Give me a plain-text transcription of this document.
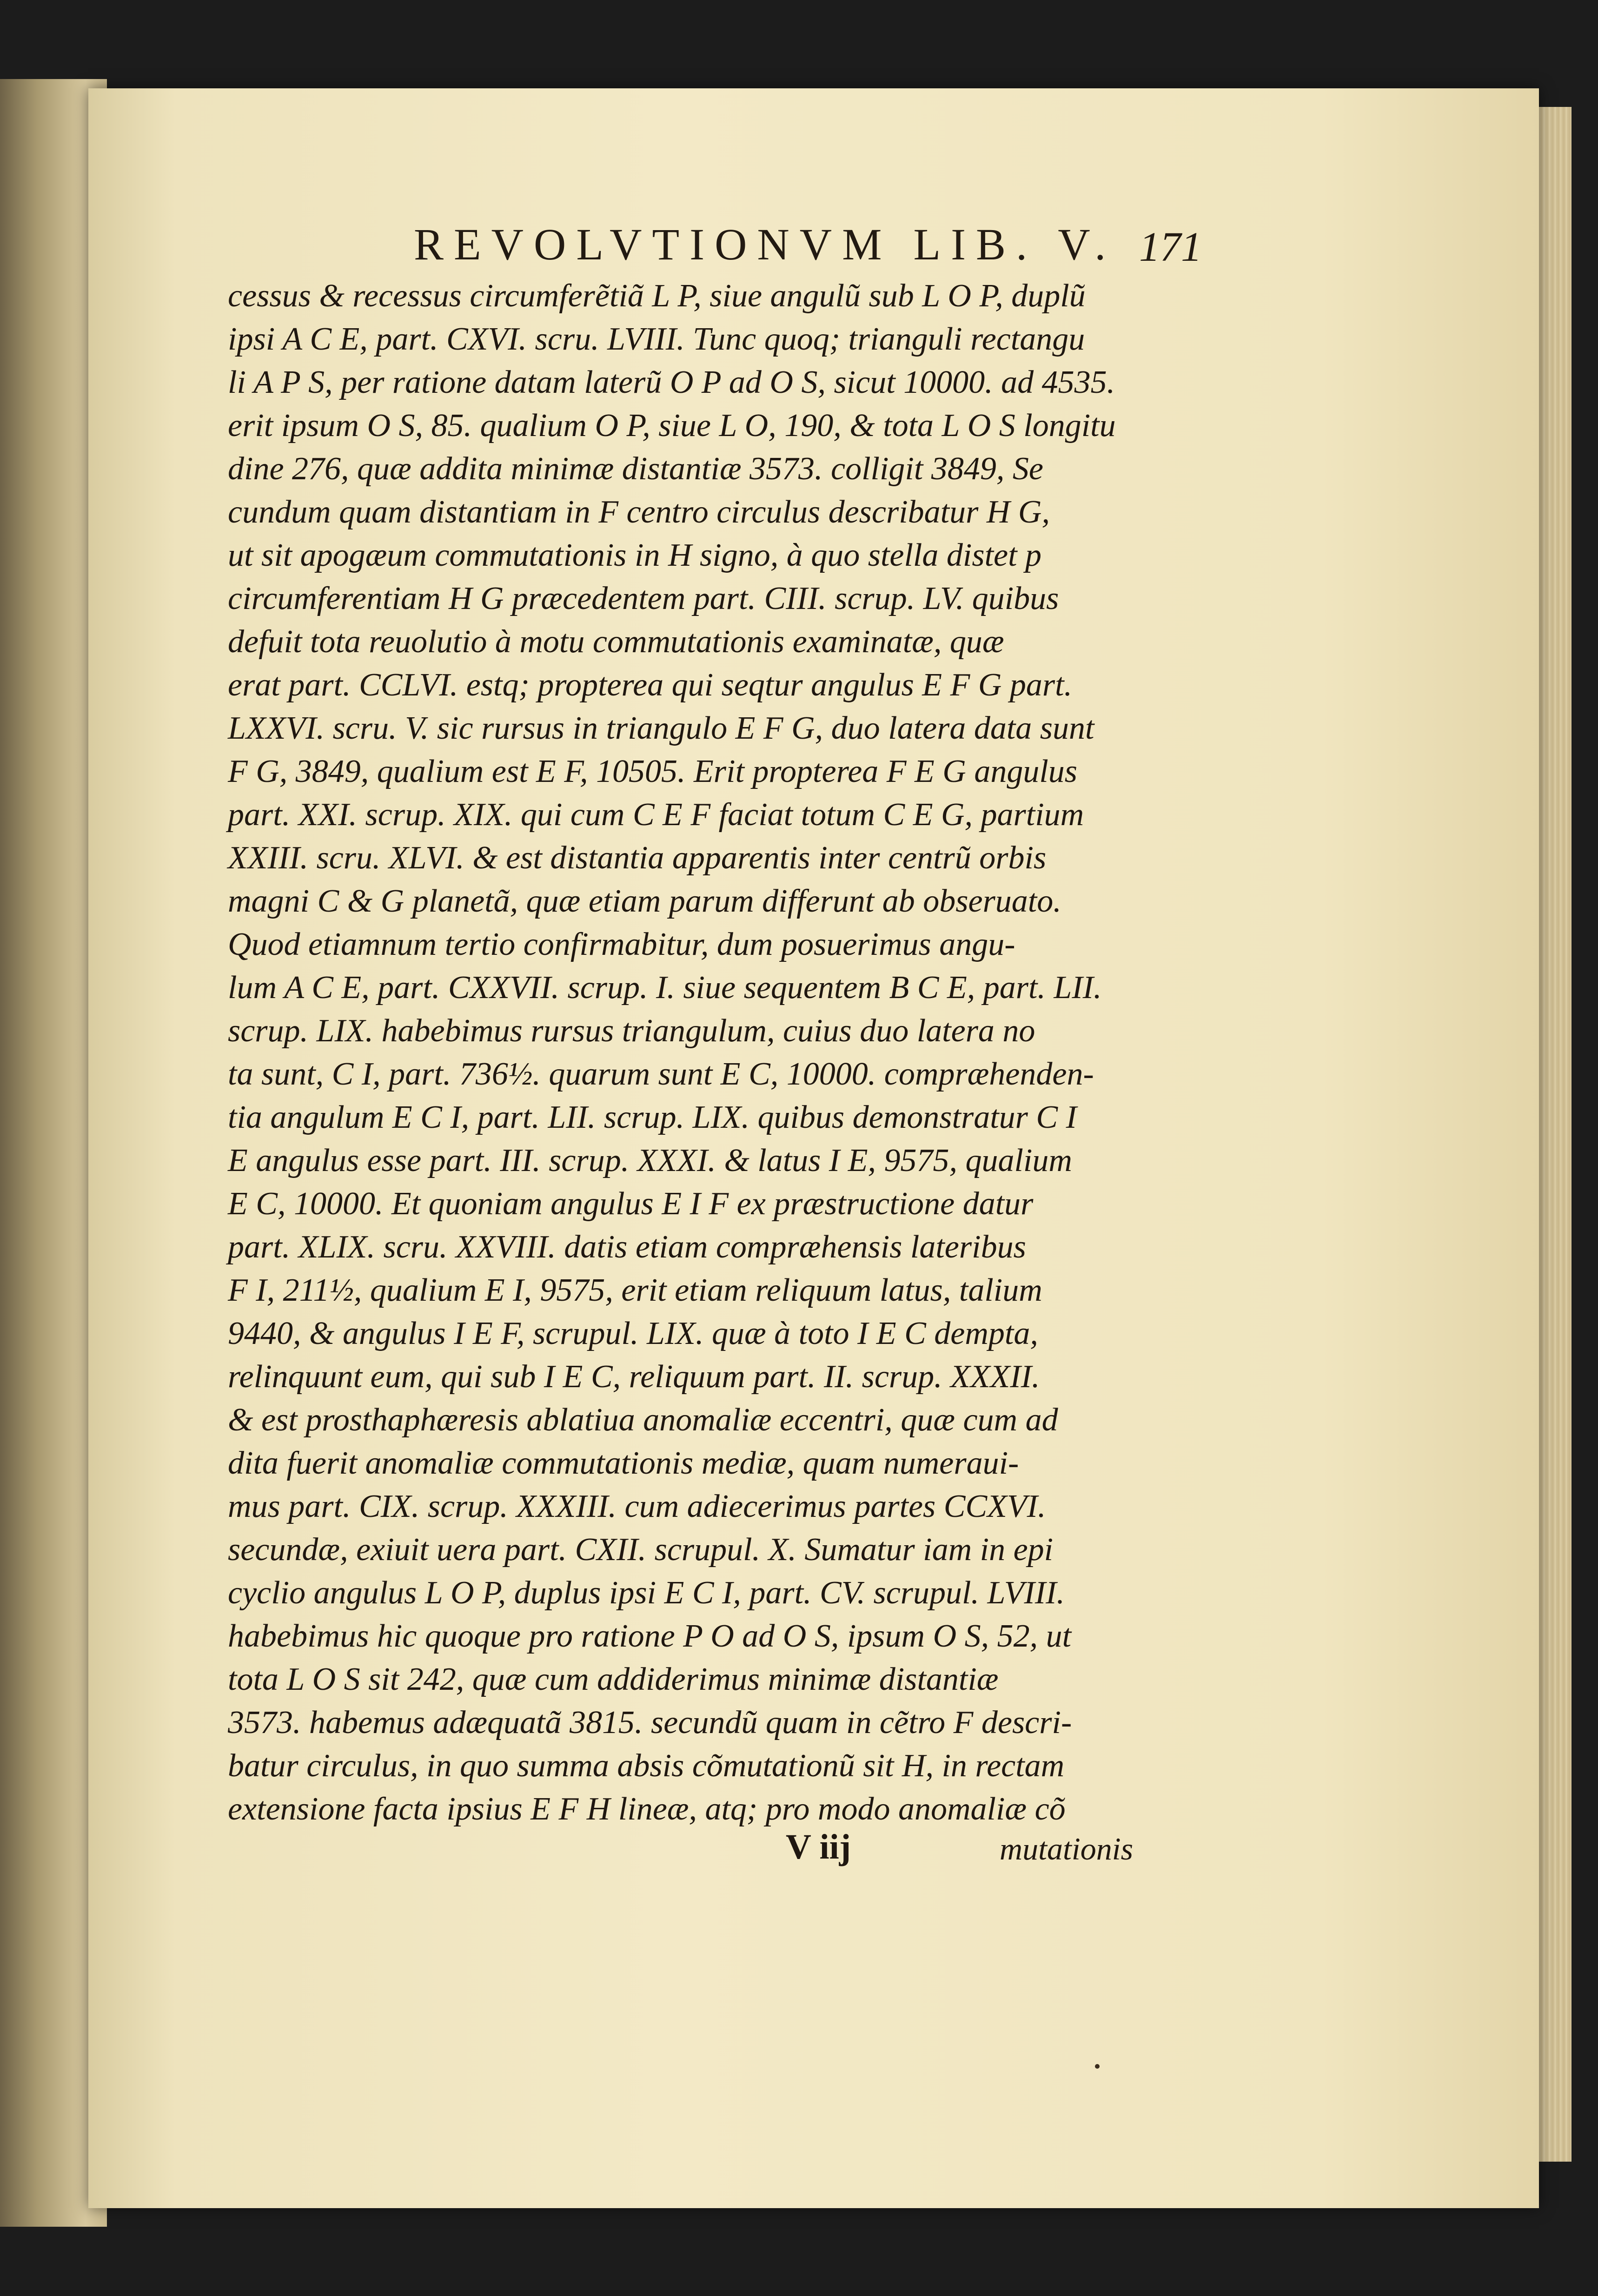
REVOLVTIONVM LIB. V. 171
cessus & recessus circumferẽtiã L P, siue angulũ sub L O P, duplũ
ipsi A C E, part. CXVI. scru. LVIII. Tunc quoq; trianguli rectangu
li A P S, per ratione datam laterũ O P ad O S, sicut 10000. ad 4535.
erit ipsum O S, 85. qualium O P, siue L O, 190, & tota L O S longitu
dine 276, quæ addita minimæ distantiæ 3573. colligit 3849, Se
cundum quam distantiam in F centro circulus describatur H G,
ut sit apogæum commutationis in H signo, à quo stella distet p
circumferentiam H G præcedentem part. CIII. scrup. LV. quibus
defuit tota reuolutio à motu commutationis examinatæ, quæ
erat part. CCLVI. estq; propterea qui seqtur angulus E F G part.
LXXVI. scru. V. sic rursus in triangulo E F G, duo latera data sunt
F G, 3849, qualium est E F, 10505. Erit propterea F E G angulus
part. XXI. scrup. XIX. qui cum C E F faciat totum C E G, partium
XXIII. scru. XLVI. & est distantia apparentis inter centrũ orbis
magni C & G planetã, quæ etiam parum differunt ab obseruato.
Quod etiamnum tertio confirmabitur, dum posuerimus angu-
lum A C E, part. CXXVII. scrup. I. siue sequentem B C E, part. LII.
scrup. LIX. habebimus rursus triangulum, cuius duo latera no
ta sunt, C I, part. 736½. quarum sunt E C, 10000. compræhenden-
tia angulum E C I, part. LII. scrup. LIX. quibus demonstratur C I
E angulus esse part. III. scrup. XXXI. & latus I E, 9575, qualium
E C, 10000. Et quoniam angulus E I F ex præstructione datur
part. XLIX. scru. XXVIII. datis etiam compræhensis lateribus
F I, 211½, qualium E I, 9575, erit etiam reliquum latus, talium
9440, & angulus I E F, scrupul. LIX. quæ à toto I E C dempta,
relinquunt eum, qui sub I E C, reliquum part. II. scrup. XXXII.
& est prosthaphæresis ablatiua anomaliæ eccentri, quæ cum ad
dita fuerit anomaliæ commutationis mediæ, quam numeraui-
mus part. CIX. scrup. XXXIII. cum adiecerimus partes CCXVI.
secundæ, exiuit uera part. CXII. scrupul. X. Sumatur iam in epi
cyclio angulus L O P, duplus ipsi E C I, part. CV. scrupul. LVIII.
habebimus hic quoque pro ratione P O ad O S, ipsum O S, 52, ut
tota L O S sit 242, quæ cum addiderimus minimæ distantiæ
3573. habemus adæquatã 3815. secundũ quam in cẽtro F descri-
batur circulus, in quo summa absis cõmutationũ sit H, in rectam
extensione facta ipsius E F H lineæ, atq; pro modo anomaliæ cõ
V iij	mutationis
